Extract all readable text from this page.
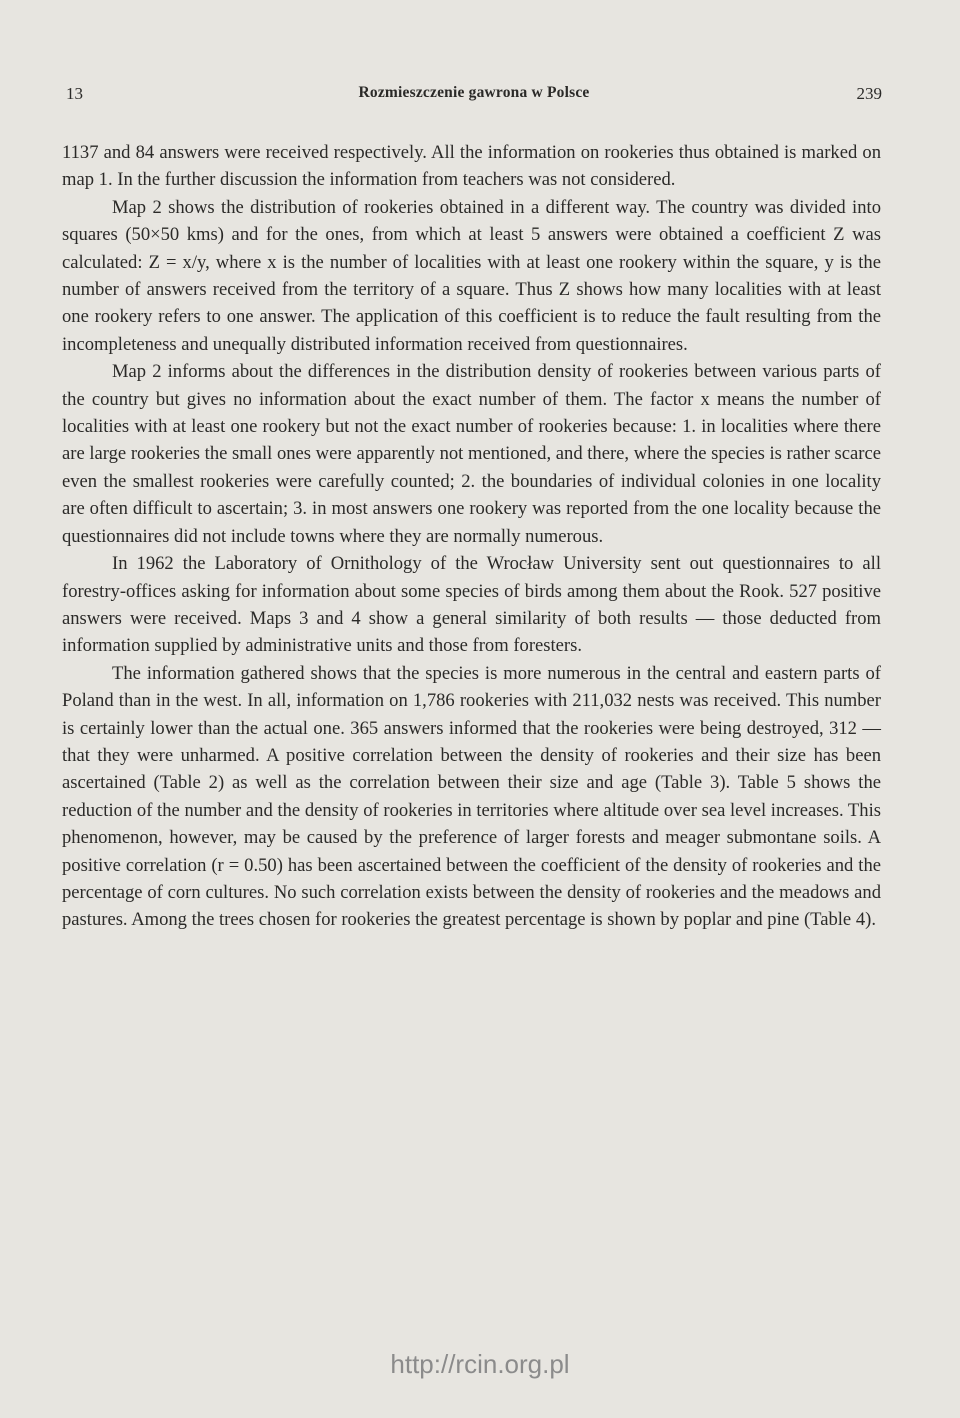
13	Rozmieszczenie gawrona w Polsce	239

1137 and 84 answers were received respectively. All the information on rookeries thus obtained is marked on map 1. In the further discussion the information from teachers was not considered.

Map 2 shows the distribution of rookeries obtained in a different way. The country was divided into squares (50×50 kms) and for the ones, from which at least 5 answers were obtained a coefficient Z was calculated: Z = x/y, where x is the number of localities with at least one rookery within the square, y is the number of answers received from the territory of a square. Thus Z shows how many localities with at least one rookery refers to one answer. The application of this coefficient is to reduce the fault resulting from the incompleteness and unequally distributed information received from questionnaires.

Map 2 informs about the differences in the distribution density of rookeries between various parts of the country but gives no information about the exact number of them. The factor x means the number of localities with at least one rookery but not the exact number of rookeries because: 1. in localities where there are large rookeries the small ones were apparently not mentioned, and there, where the species is rather scarce even the smallest rookeries were carefully counted; 2. the boundaries of individual colonies in one locality are often difficult to ascertain; 3. in most answers one rookery was reported from the one locality because the questionnaires did not include towns where they are normally numerous.

In 1962 the Laboratory of Ornithology of the Wrocław University sent out questionnaires to all forestry-offices asking for information about some species of birds among them about the Rook. 527 positive answers were received. Maps 3 and 4 show a general similarity of both results — those deducted from information supplied by administrative units and those from foresters.

The information gathered shows that the species is more numerous in the central and eastern parts of Poland than in the west. In all, information on 1,786 rookeries with 211,032 nests was received. This number is certainly lower than the actual one. 365 answers informed that the rookeries were being destroyed, 312 — that they were unharmed. A positive correlation between the density of rookeries and their size has been ascertained (Table 2) as well as the correlation between their size and age (Table 3). Table 5 shows the reduction of the number and the density of rookeries in territories where altitude over sea level increases. This phenomenon, however, may be caused by the preference of larger forests and meager submontane soils. A positive correlation (r = 0.50) has been ascertained between the coefficient of the density of rookeries and the percentage of corn cultures. No such correlation exists between the density of rookeries and the meadows and pastures. Among the trees chosen for rookeries the greatest percentage is shown by poplar and pine (Table 4).

http://rcin.org.pl
